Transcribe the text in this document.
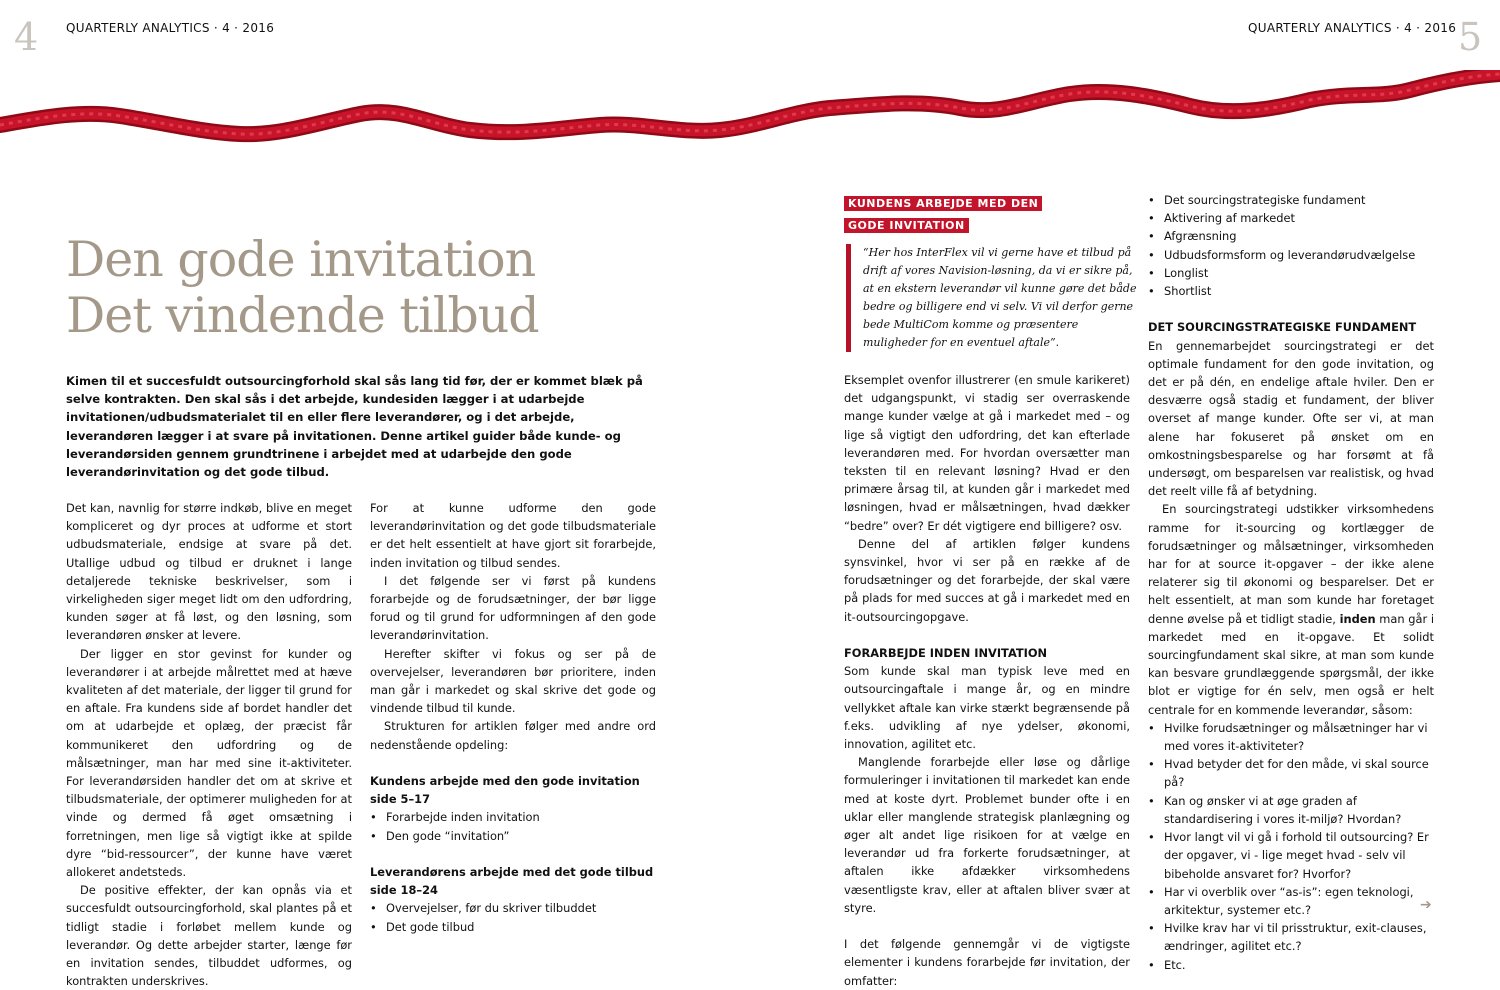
4 QUARTERLY ANALYTICS · 4 · 2016	QUARTERLY ANALYTICS · 4 · 2016 5
Den gode invitation
Det vindende tilbud
Kimen til et succesfuldt outsourcingforhold skal sås lang tid før, der er kommet blæk på selve kontrakten. Den skal sås i det arbejde, kundesiden lægger i at udarbejde invitationen/udbudsmaterialet til en eller flere leverandører, og i det arbejde, leverandøren lægger i at svare på invitationen. Denne artikel guider både kunde- og leverandørsiden gennem grundtrinene i arbejdet med at udarbejde den gode leverandørinvitation og det gode tilbud.

Det kan, navnlig for større indkøb, blive en meget kompliceret og dyr proces at udforme et stort udbudsmateriale, endsige at svare på det. Utallige udbud og tilbud er druknet i lange detaljerede tekniske beskrivelser, som i virkeligheden siger meget lidt om den udfordring, kunden søger at få løst, og den løsning, som leverandøren ønsker at levere.

Der ligger en stor gevinst for kunder og leverandører i at arbejde målrettet med at hæve kvaliteten af det materiale, der ligger til grund for en aftale. Fra kundens side af bordet handler det om at udarbejde et oplæg, der præcist får kommunikeret den udfordring og de målsætninger, man har med sine it-aktiviteter. For leverandørsiden handler det om at skrive et tilbudsmateriale, der optimerer muligheden for at vinde og dermed få øget omsætning i forretningen, men lige så vigtigt ikke at spilde dyre “bid-ressourcer”, der kunne have været allokeret andetsteds.

De positive effekter, der kan opnås via et succesfuldt outsourcingforhold, skal plantes på et tidligt stadie i forløbet mellem kunde og leverandør. Og dette arbejder starter, længe før en invitation sendes, tilbuddet udformes, og kontrakten underskrives.

For at kunne udforme den gode leverandørinvitation og det gode tilbudsmateriale er det helt essentielt at have gjort sit forarbejde, inden invitation og tilbud sendes.

I det følgende ser vi først på kundens forarbejde og de forudsætninger, der bør ligge forud og til grund for udformningen af den gode leverandørinvitation.

Herefter skifter vi fokus og ser på de overvejelser, leverandøren bør prioritere, inden man går i markedet og skal skrive det gode og vindende tilbud til kunde.

Strukturen for artiklen følger med andre ord nedenstående opdeling:

Kundens arbejde med den gode invitation
side 5–17
• Forarbejde inden invitation
• Den gode “invitation”
Leverandørens arbejde med det gode tilbud
side 18–24
• Overvejelser, før du skriver tilbuddet
• Det gode tilbud
KUNDENS ARBEJDE MED DEN
GODE INVITATION
“Her hos InterFlex vil vi gerne have et tilbud på drift af vores Navision-løsning, da vi er sikre på, at en ekstern leverandør vil kunne gøre det både bedre og billigere end vi selv. Vi vil derfor gerne bede MultiCom komme og præsentere muligheder for en eventuel aftale”.

Eksemplet ovenfor illustrerer (en smule karikeret) det udgangspunkt, vi stadig ser overraskende mange kunder vælge at gå i markedet med – og lige så vigtigt den udfordring, det kan efterlade leverandøren med. For hvordan oversætter man teksten til en relevant løsning? Hvad er den primære årsag til, at kunden går i markedet med løsningen, hvad er målsætningen, hvad dækker “bedre” over? Er dét vigtigere end billigere? osv.

Denne del af artiklen følger kundens synsvinkel, hvor vi ser på en række af de forudsætninger og det forarbejde, der skal være på plads for med succes at gå i markedet med en it-outsourcingopgave.

FORARBEJDE INDEN INVITATION

Som kunde skal man typisk leve med en outsourcingaftale i mange år, og en mindre vellykket aftale kan virke stærkt begrænsende på f.eks. udvikling af nye ydelser, økonomi, innovation, agilitet etc.

Manglende forarbejde eller løse og dårlige formuleringer i invitationen til markedet kan ende med at koste dyrt. Problemet bunder ofte i en uklar eller manglende strategisk planlægning og øger alt andet lige risikoen for at vælge en leverandør ud fra forkerte forudsætninger, at aftalen ikke afdækker virksomhedens væsentligste krav, eller at aftalen bliver svær at styre.

I det følgende gennemgår vi de vigtigste elementer i kundens forarbejde før invitation, der omfatter:

• Det sourcingstrategiske fundament
• Aktivering af markedet
• Afgrænsning
• Udbudsformsform og leverandørudvælgelse
• Longlist
• Shortlist
DET SOURCINGSTRATEGISKE FUNDAMENT

En gennemarbejdet sourcingstrategi er det optimale fundament for den gode invitation, og det er på dén, en endelige aftale hviler. Den er desværre også stadig et fundament, der bliver overset af mange kunder. Ofte ser vi, at man alene har fokuseret på ønsket om en omkostningsbesparelse og har forsømt at få undersøgt, om besparelsen var realistisk, og hvad det reelt ville få af betydning.

En sourcingstrategi udstikker virksomhedens ramme for it-sourcing og kortlægger de forudsætninger og målsætninger, virksomheden har for at source it-opgaver – der ikke alene relaterer sig til økonomi og besparelser. Det er helt essentielt, at man som kunde har foretaget denne øvelse på et tidligt stadie, inden man går i markedet med en it-opgave. Et solidt sourcingfundament skal sikre, at man som kunde kan besvare grundlæggende spørgsmål, der ikke blot er vigtige for én selv, men også er helt centrale for en kommende leverandør, såsom:

• Hvilke forudsætninger og målsætninger har vi med vores it-aktiviteter?
• Hvad betyder det for den måde, vi skal source på?
• Kan og ønsker vi at øge graden af standardisering i vores it-miljø? Hvordan?
• Hvor langt vil vi gå i forhold til outsourcing? Er der opgaver, vi - lige meget hvad - selv vil bibeholde ansvaret for? Hvorfor?
• Har vi overblik over “as-is”: egen teknologi, arkitektur, systemer etc.?
• Hvilke krav har vi til prisstruktur, exit-clauses, ændringer, agilitet etc.?
• Etc.
➔
